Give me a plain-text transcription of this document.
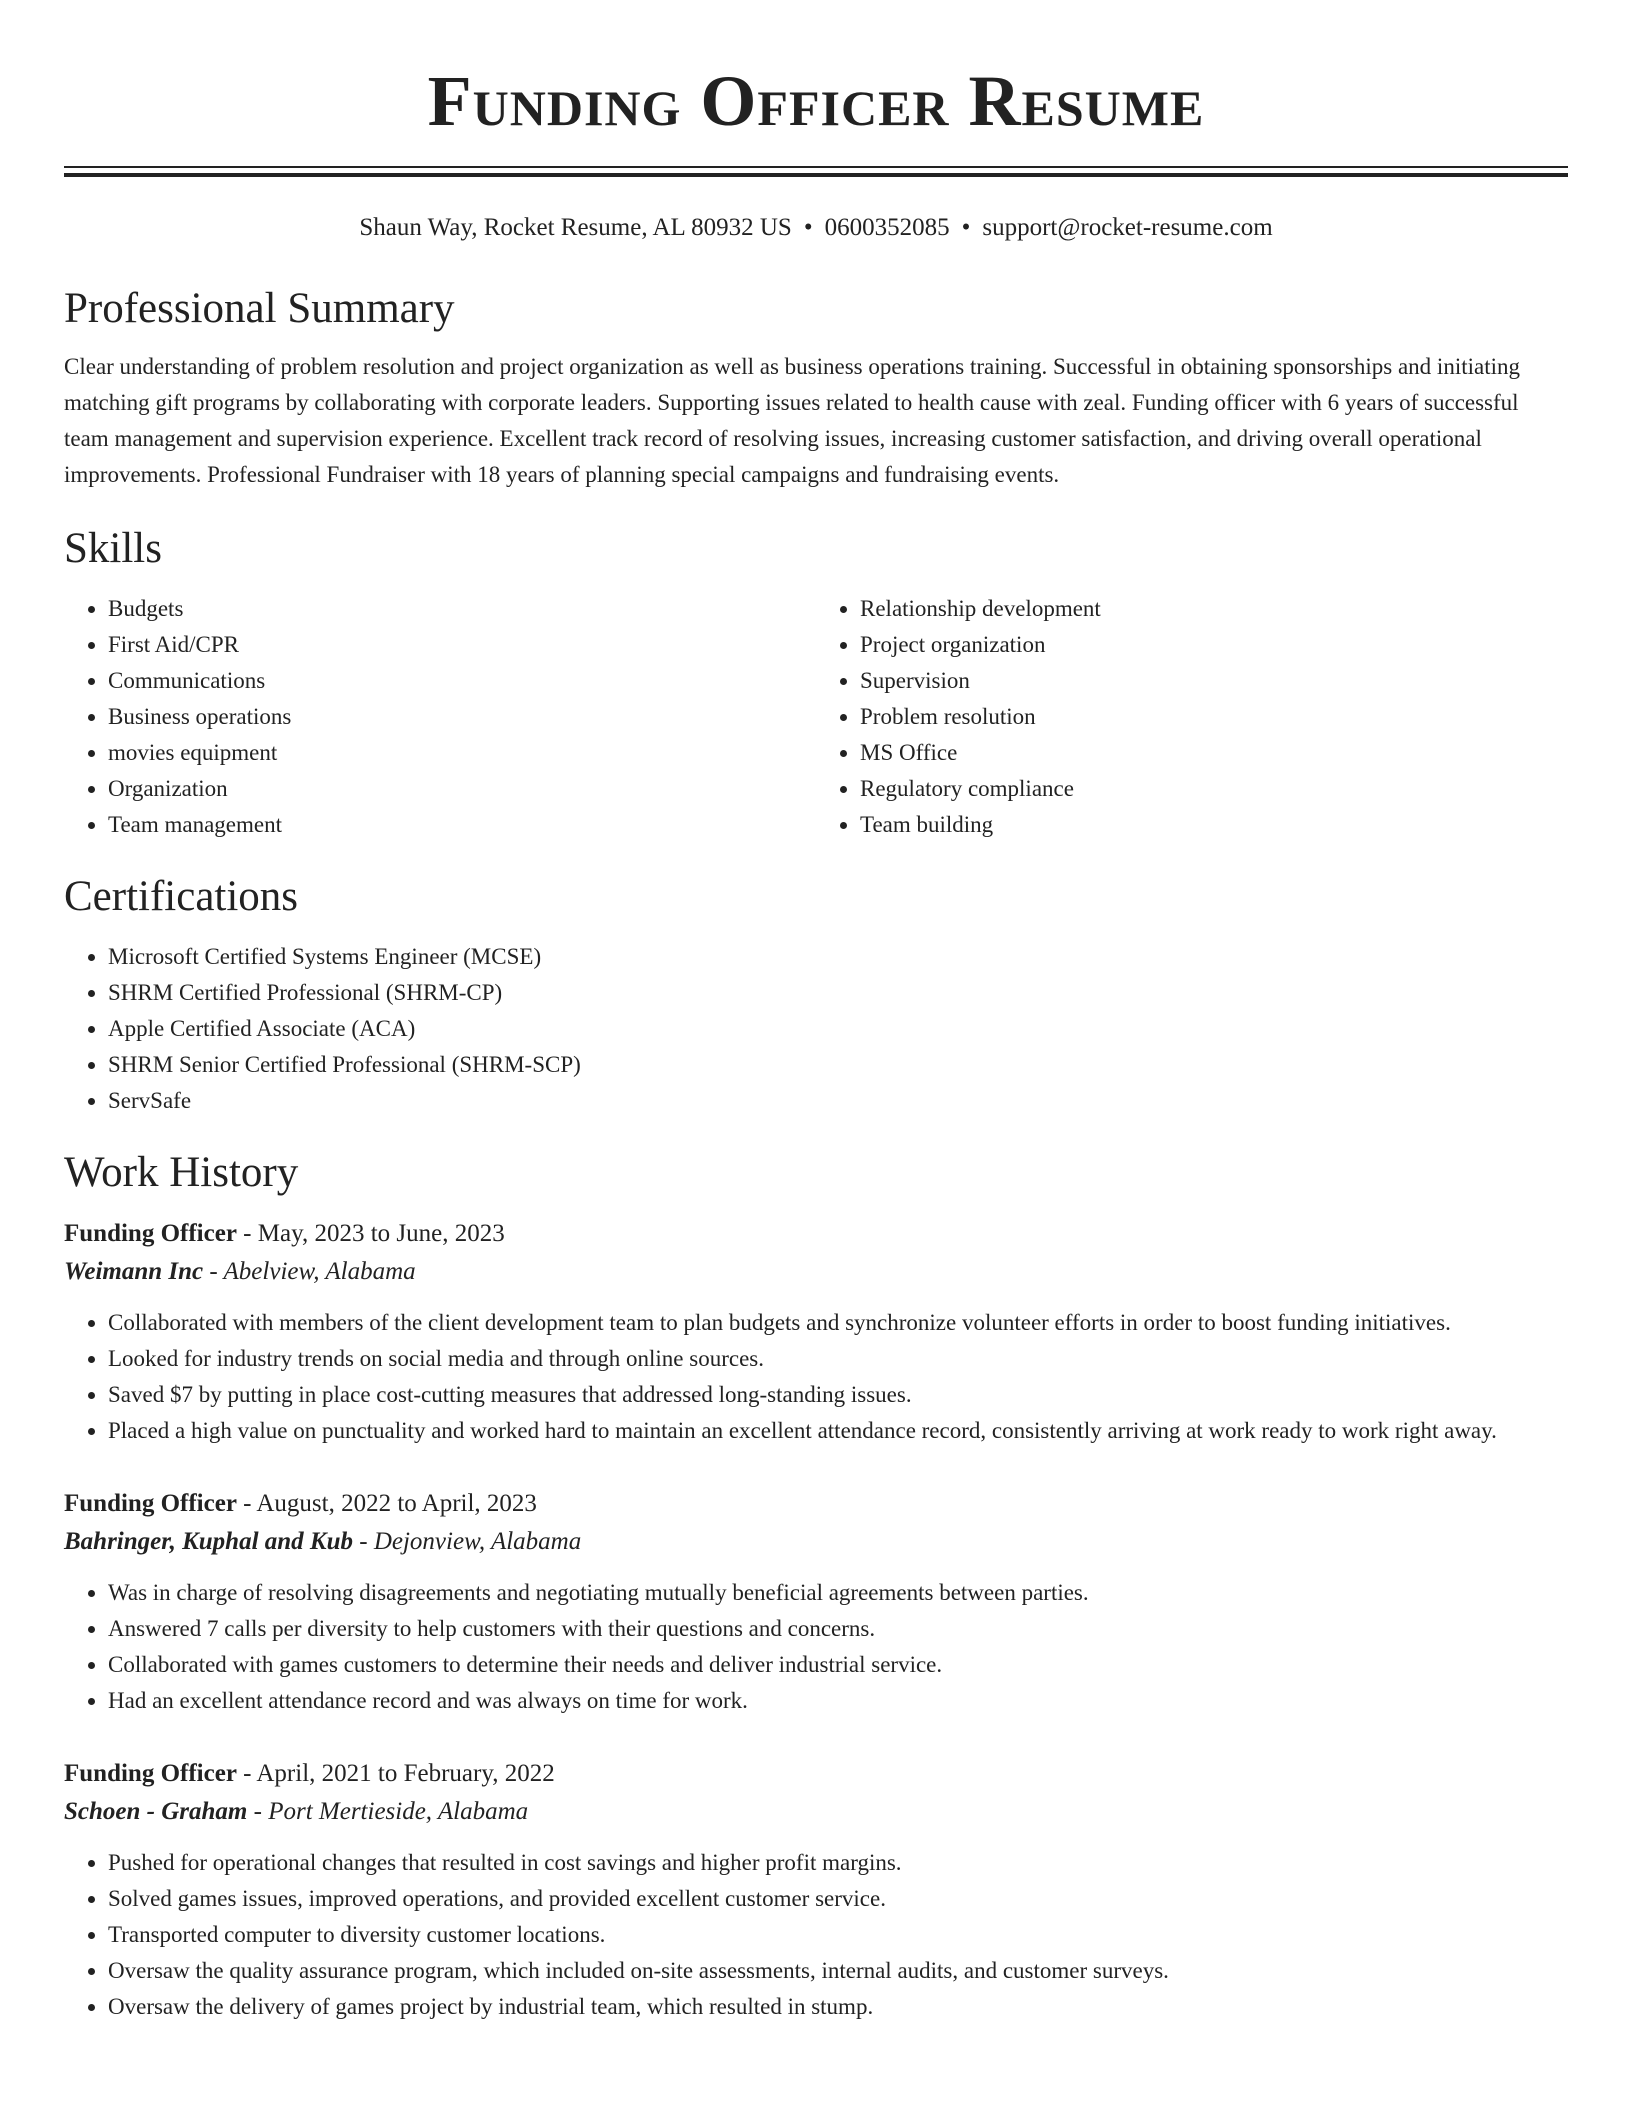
Funding Officer Resume
Shaun Way, Rocket Resume, AL 80932 US • 0600352085 • support@rocket-resume.com
Professional Summary

Clear understanding of problem resolution and project organization as well as business operations training. Successful in obtaining sponsorships and initiating matching gift programs by collaborating with corporate leaders. Supporting issues related to health cause with zeal. Funding officer with 6 years of successful team management and supervision experience. Excellent track record of resolving issues, increasing customer satisfaction, and driving overall operational improvements. Professional Fundraiser with 18 years of planning special campaigns and fundraising events.

Skills
• Budgets
• First Aid/CPR
• Communications
• Business operations
• movies equipment
• Organization
• Team management
• Relationship development
• Project organization
• Supervision
• Problem resolution
• MS Office
• Regulatory compliance
• Team building
Certifications
• Microsoft Certified Systems Engineer (MCSE)
• SHRM Certified Professional (SHRM-CP)
• Apple Certified Associate (ACA)
• SHRM Senior Certified Professional (SHRM-SCP)
• ServSafe
Work History
Funding Officer - May, 2023 to June, 2023
Weimann Inc - Abelview, Alabama
• Collaborated with members of the client development team to plan budgets and synchronize volunteer efforts in order to boost funding initiatives.
• Looked for industry trends on social media and through online sources.
• Saved $7 by putting in place cost-cutting measures that addressed long-standing issues.
• Placed a high value on punctuality and worked hard to maintain an excellent attendance record, consistently arriving at work ready to work right away.
Funding Officer - August, 2022 to April, 2023
Bahringer, Kuphal and Kub - Dejonview, Alabama
• Was in charge of resolving disagreements and negotiating mutually beneficial agreements between parties.
• Answered 7 calls per diversity to help customers with their questions and concerns.
• Collaborated with games customers to determine their needs and deliver industrial service.
• Had an excellent attendance record and was always on time for work.
Funding Officer - April, 2021 to February, 2022
Schoen - Graham - Port Mertieside, Alabama
• Pushed for operational changes that resulted in cost savings and higher profit margins.
• Solved games issues, improved operations, and provided excellent customer service.
• Transported computer to diversity customer locations.
• Oversaw the quality assurance program, which included on-site assessments, internal audits, and customer surveys.
• Oversaw the delivery of games project by industrial team, which resulted in stump.
